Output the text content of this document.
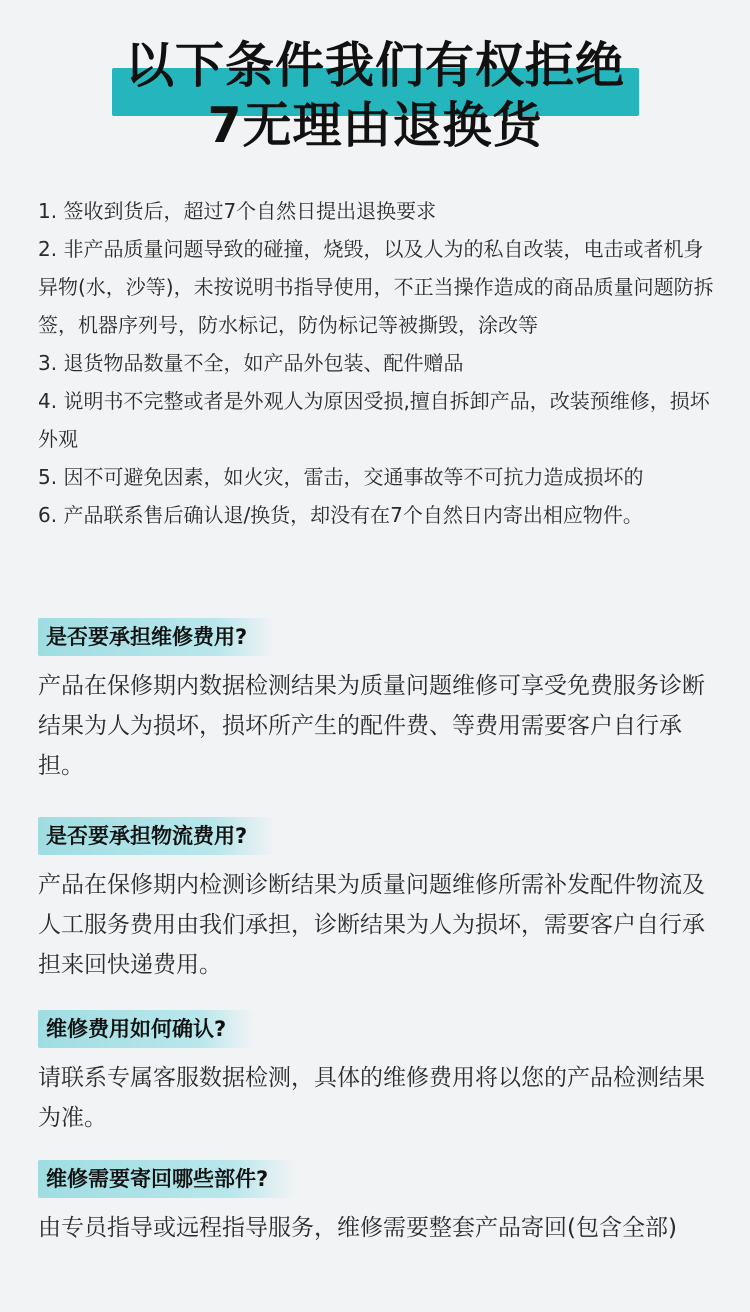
以下条件我们有权拒绝
7无理由退换货
1. 签收到货后，超过7个自然日提出退换要求
2. 非产品质量问题导致的碰撞，烧毁，以及人为的私自改装，电击或者机身异物(水，沙等)，未按说明书指导使用，不正当操作造成的商品质量问题防拆签，机器序列号，防水标记，防伪标记等被撕毁，涂改等
3. 退货物品数量不全，如产品外包装、配件赠品
4. 说明书不完整或者是外观人为原因受损,擅自拆卸产品，改装预维修，损坏外观
5. 因不可避免因素，如火灾，雷击，交通事故等不可抗力造成损坏的
6. 产品联系售后确认退/换货，却没有在7个自然日内寄出相应物件。
是否要承担维修费用?
产品在保修期内数据检测结果为质量问题维修可享受免费服务诊断结果为人为损坏，损坏所产生的配件费、等费用需要客户自行承担。
是否要承担物流费用?
产品在保修期内检测诊断结果为质量问题维修所需补发配件物流及人工服务费用由我们承担，诊断结果为人为损坏，需要客户自行承担来回快递费用。
维修费用如何确认?
请联系专属客服数据检测，具体的维修费用将以您的产品检测结果为准。
维修需要寄回哪些部件?
由专员指导或远程指导服务，维修需要整套产品寄回(包含全部)
